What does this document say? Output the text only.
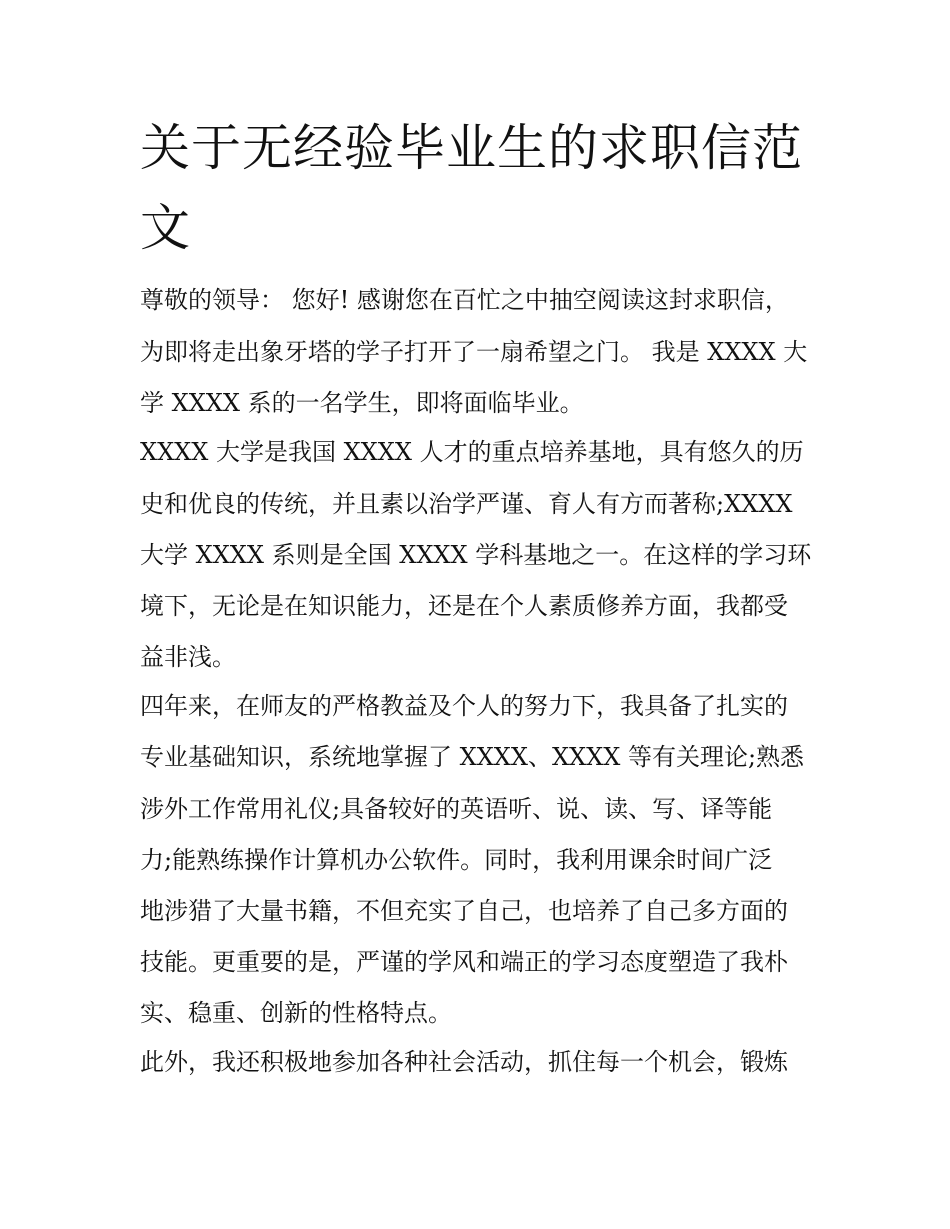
关于无经验毕业生的求职信范
文
尊敬的领导： 您好! 感谢您在百忙之中抽空阅读这封求职信，
为即将走出象牙塔的学子打开了一扇希望之门。 我是 XXXX 大
学 XXXX 系的一名学生，即将面临毕业。
XXXX 大学是我国 XXXX 人才的重点培养基地，具有悠久的历
史和优良的传统，并且素以治学严谨、育人有方而著称;XXXX
大学 XXXX 系则是全国 XXXX 学科基地之一。在这样的学习环
境下，无论是在知识能力，还是在个人素质修养方面，我都受
益非浅。
四年来，在师友的严格教益及个人的努力下，我具备了扎实的
专业基础知识，系统地掌握了 XXXX、XXXX 等有关理论;熟悉
涉外工作常用礼仪;具备较好的英语听、说、读、写、译等能
力;能熟练操作计算机办公软件。同时，我利用课余时间广泛
地涉猎了大量书籍，不但充实了自己，也培养了自己多方面的
技能。更重要的是，严谨的学风和端正的学习态度塑造了我朴
实、稳重、创新的性格特点。
此外，我还积极地参加各种社会活动，抓住每一个机会，锻炼
